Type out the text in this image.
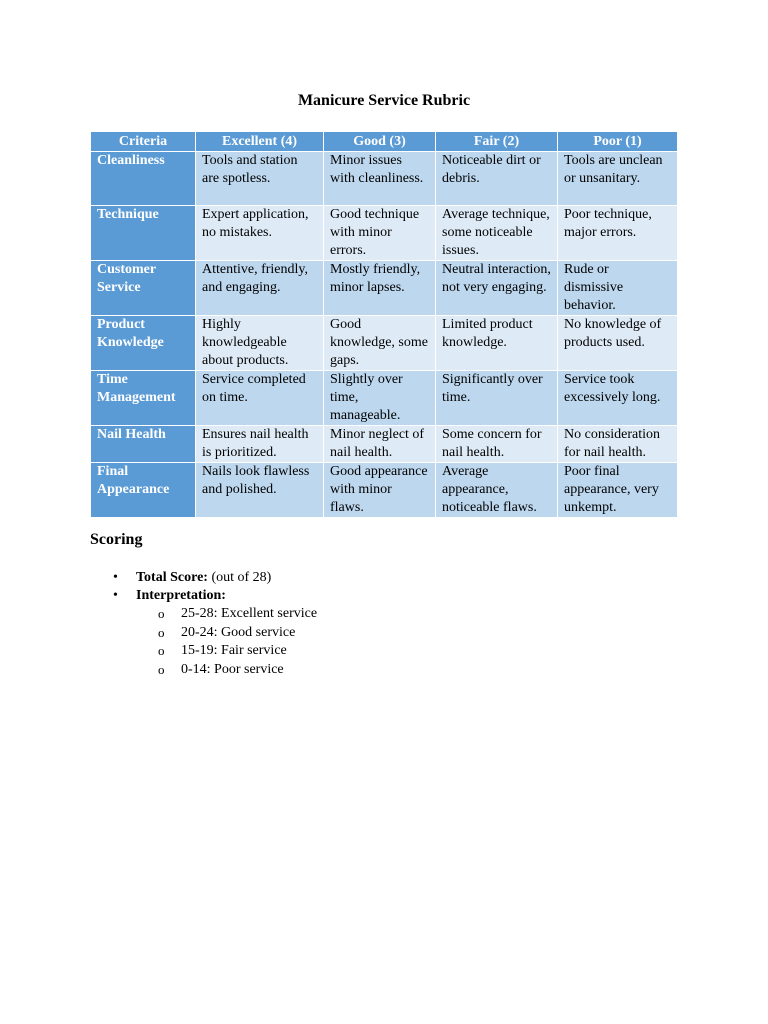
Manicure Service Rubric
Criteria	Excellent (4)	Good (3)	Fair (2)	Poor (1)
Cleanliness	Tools and station are spotless.	Minor issues with cleanliness.	Noticeable dirt or debris.	Tools are unclean or unsanitary.
Technique	Expert application, no mistakes.	Good technique with minor errors.	Average technique, some noticeable issues.	Poor technique, major errors.
Customer Service	Attentive, friendly, and engaging.	Mostly friendly, minor lapses.	Neutral interaction, not very engaging.	Rude or dismissive behavior.
Product Knowledge	Highly knowledgeable about products.	Good knowledge, some gaps.	Limited product knowledge.	No knowledge of products used.
Time Management	Service completed on time.	Slightly over time, manageable.	Significantly over time.	Service took excessively long.
Nail Health	Ensures nail health is prioritized.	Minor neglect of nail health.	Some concern for nail health.	No consideration for nail health.
Final Appearance	Nails look flawless and polished.	Good appearance with minor flaws.	Average appearance, noticeable flaws.	Poor final appearance, very unkempt.
Scoring
• Total Score: (out of 28)
• Interpretation:
o 25-28: Excellent service
o 20-24: Good service
o 15-19: Fair service
o 0-14: Poor service
